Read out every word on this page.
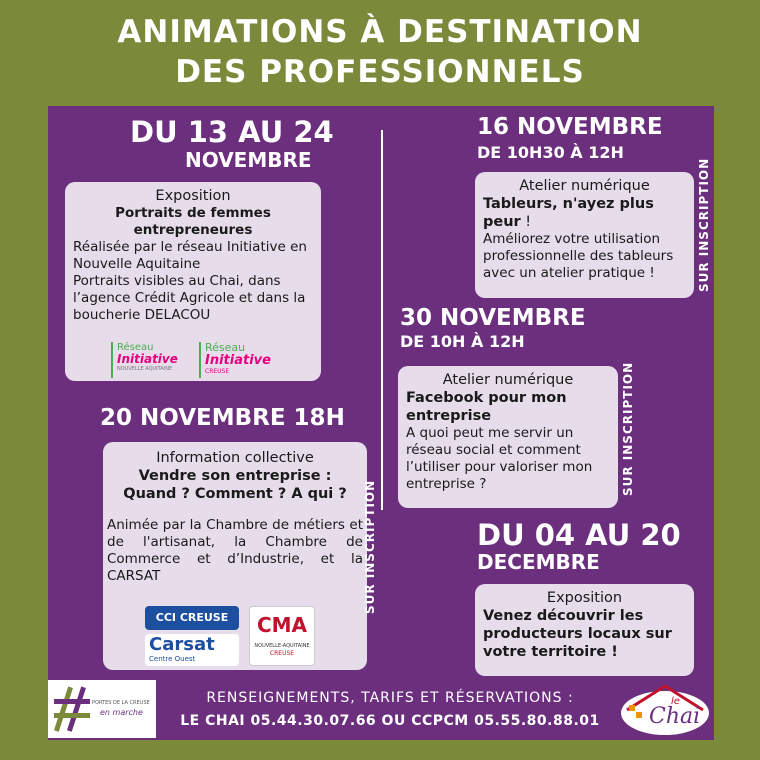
ANIMATIONS À DESTINATION
DES PROFESSIONNELS
DU 13 AU 24
NOVEMBRE
Exposition
Portraits de femmes entrepreneures
Réalisée par le réseau Initiative en Nouvelle Aquitaine
Portraits visibles au Chai, dans l’agence Crédit Agricole et dans la boucherie DELACOU
Réseau
Initiative
NOUVELLE AQUITAINE
Réseau
Initiative
CREUSE
20 NOVEMBRE 18H
Information collective
Vendre son entreprise :
Quand ? Comment ? A qui ?
Animée par la Chambre de métiers et de l'artisanat, la Chambre de Commerce et d’Industrie, et la CARSAT
CCI CREUSE
Carsat
Centre Ouest
CMA
NOUVELLE-AQUITAINE
CREUSE
SUR INSCRIPTION
16 NOVEMBRE
DE 10H30 À 12H
Atelier numérique
Tableurs, n'ayez plus peur !
Améliorez votre utilisation professionnelle des tableurs avec un atelier pratique !	SUR INSCRIPTION
30 NOVEMBRE
DE 10H À 12H
Atelier numérique
Facebook pour mon entreprise
A quoi peut me servir un réseau social et comment l’utiliser pour valoriser mon entreprise ?	SUR INSCRIPTION
DU 04 AU 20
DECEMBRE
Exposition
Venez découvrir les producteurs locaux sur votre territoire !
PORTES DE LA CREUSE
en marche
RENSEIGNEMENTS, TARIFS ET RÉSERVATIONS :
LE CHAI 05.44.30.07.66 OU CCPCM 05.55.80.88.01
le
Chai
